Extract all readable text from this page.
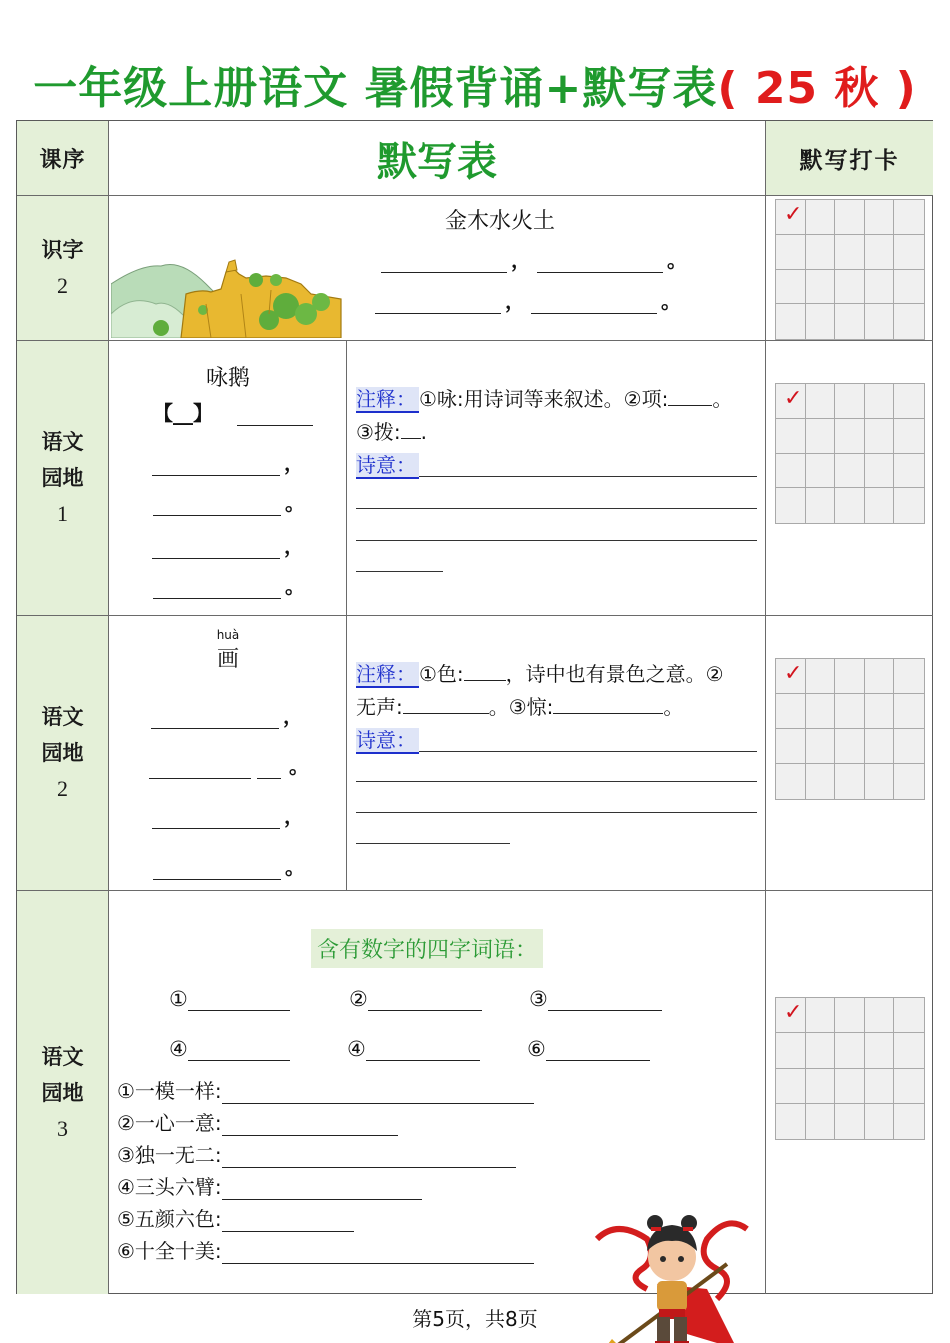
一年级上册语文 暑假背诵+默写表( 25 秋 )
课序	默写表	默写打卡
识字
2
金木水火土
，	。
，	。
✓
语文
园地
1
咏鹅
【__】
，
。
，
。
注释： ①咏:用诗词等来叙述。②项: 。
③拨: .
诗意：
✓
语文
园地
2
huà
画
，
。
，
。
注释： ①色: ，诗中也有景色之意。②
无声:	。③惊:	。
诗意：
✓
语文
园地
3
含有数字的四字词语：
①	②	③
④	④	⑥
①一模一样:
②一心一意:
③独一无二:
④三头六臂:
⑤五颜六色:
⑥十全十美:
✓
第5页，共8页
